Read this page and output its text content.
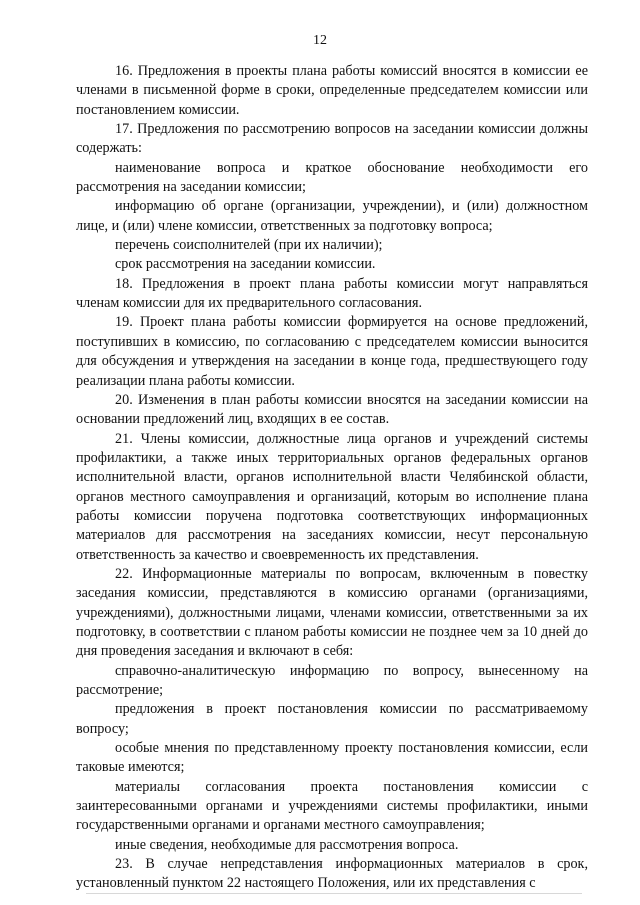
12

16. Предложения в проекты плана работы комиссий вносятся в комиссии ее членами в письменной форме в сроки, определенные председателем комиссии или постановлением комиссии.

17. Предложения по рассмотрению вопросов на заседании комиссии должны содержать:

наименование вопроса и краткое обоснование необходимости его рассмотрения на заседании комиссии;

информацию об органе (организации, учреждении), и (или) должностном лице, и (или) члене комиссии, ответственных за подготовку вопроса;

перечень соисполнителей (при их наличии);

срок рассмотрения на заседании комиссии.

18. Предложения в проект плана работы комиссии могут направляться членам комиссии для их предварительного согласования.

19. Проект плана работы комиссии формируется на основе предложений, поступивших в комиссию, по согласованию с председателем комиссии выносится для обсуждения и утверждения на заседании в конце года, предшествующего году реализации плана работы комиссии.

20. Изменения в план работы комиссии вносятся на заседании комиссии на основании предложений лиц, входящих в ее состав.

21. Члены комиссии, должностные лица органов и учреждений системы профилактики, а также иных территориальных органов федеральных органов исполнительной власти, органов исполнительной власти Челябинской области, органов местного самоуправления и организаций, которым во исполнение плана работы комиссии поручена подготовка соответствующих информационных материалов для рассмотрения на заседаниях комиссии, несут персональную ответственность за качество и своевременность их представления.

22. Информационные материалы по вопросам, включенным в повестку заседания комиссии, представляются в комиссию органами (организациями, учреждениями), должностными лицами, членами комиссии, ответственными за их подготовку, в соответствии с планом работы комиссии не позднее чем за 10 дней до дня проведения заседания и включают в себя:

справочно-аналитическую информацию по вопросу, вынесенному на рассмотрение;

предложения в проект постановления комиссии по рассматриваемому вопросу;

особые мнения по представленному проекту постановления комиссии, если таковые имеются;

материалы согласования проекта постановления комиссии с заинтересованными органами и учреждениями системы профилактики, иными государственными органами и органами местного самоуправления;

иные сведения, необходимые для рассмотрения вопроса.

23. В случае непредставления информационных материалов в срок, установленный пунктом 22 настоящего Положения, или их представления с
